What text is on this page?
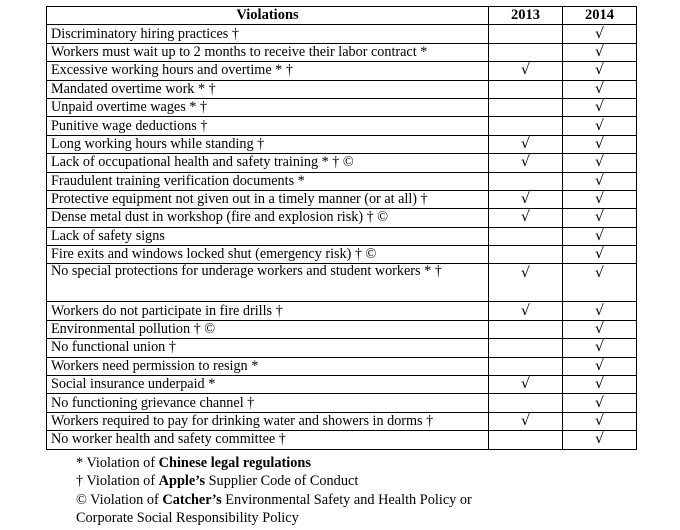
Violations	2013	2014
Discriminatory hiring practices †		√
Workers must wait up to 2 months to receive their labor contract *		√
Excessive working hours and overtime * †	√	√
Mandated overtime work * †		√
Unpaid overtime wages * †		√
Punitive wage deductions †		√
Long working hours while standing †	√	√
Lack of occupational health and safety training * † ©	√	√
Fraudulent training verification documents *		√
Protective equipment not given out in a timely manner (or at all) †	√	√
Dense metal dust in workshop (fire and explosion risk) † ©	√	√
Lack of safety signs		√
Fire exits and windows locked shut (emergency risk) † ©		√
No special protections for underage workers and student workers * †	√	√
Workers do not participate in fire drills †	√	√
Environmental pollution † ©		√
No functional union †		√
Workers need permission to resign *		√
Social insurance underpaid *	√	√
No functioning grievance channel †		√
Workers required to pay for drinking water and showers in dorms †	√	√
No worker health and safety committee †		√
* Violation of Chinese legal regulations
† Violation of Apple’s Supplier Code of Conduct
© Violation of Catcher’s Environmental Safety and Health Policy or
Corporate Social Responsibility Policy
